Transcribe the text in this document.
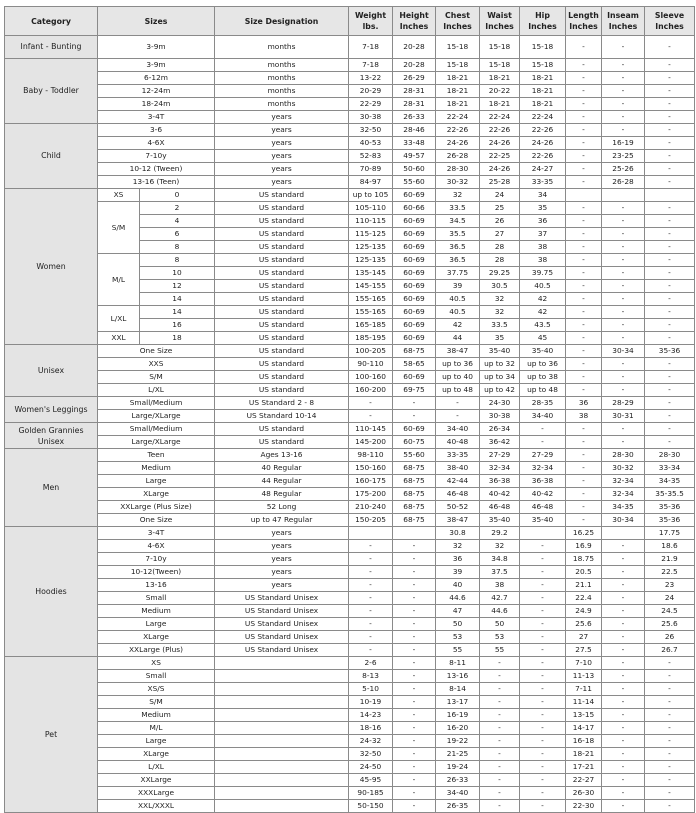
Category	Sizes		Size Designation	Weight lbs.	Height Inches	Chest Inches	Waist Inches	Hip Inches	Length Inches	Inseam Inches	Sleeve Inches
Infant - Bunting	3-9m		months	7-18	20-28	15-18	15-18	15-18	-	-	-
Baby - Toddler	3-9m		months	7-18	20-28	15-18	15-18	15-18	-	-	-
	6-12m		months	13-22	26-29	18-21	18-21	18-21	-	-	-
	12-24m		months	20-29	28-31	18-21	20-22	18-21	-	-	-
	18-24m		months	22-29	28-31	18-21	18-21	18-21	-	-	-
	3-4T		years	30-38	26-33	22-24	22-24	22-24	-	-	-
Child	3-6		years	32-50	28-46	22-26	22-26	22-26	-	-	-
	4-6X		years	40-53	33-48	24-26	24-26	24-26	-	16-19	-
	7-10y		years	52-83	49-57	26-28	22-25	22-26	-	23-25	-
	10-12 (Tween)		years	70-89	50-60	28-30	24-26	24-27	-	25-26	-
	13-16 (Teen)		years	84-97	55-60	30-32	25-28	33-35	-	26-28	-
Women	XS	0	US standard	up to 105	60-69	32	24	34			
	S/M	2	US standard	105-110	60-66	33.5	25	35	-	-	-
		4	US standard	110-115	60-69	34.5	26	36	-	-	-
		6	US standard	115-125	60-69	35.5	27	37	-	-	-
		8	US standard	125-135	60-69	36.5	28	38	-	-	-
	M/L	8	US standard	125-135	60-69	36.5	28	38	-	-	-
		10	US standard	135-145	60-69	37.75	29.25	39.75	-	-	-
		12	US standard	145-155	60-69	39	30.5	40.5	-	-	-
		14	US standard	155-165	60-69	40.5	32	42	-	-	-
	L/XL	14	US standard	155-165	60-69	40.5	32	42	-	-	-
		16	US standard	165-185	60-69	42	33.5	43.5	-	-	-
	XXL	18	US standard	185-195	60-69	44	35	45	-	-	-
Unisex	One Size		US standard	100-205	68-75	38-47	35-40	35-40	-	30-34	35-36
	XXS		US standard	90-110	58-65	up to 36	up to 32	up to 36	-	-	-
	S/M		US standard	100-160	60-69	up to 40	up to 34	up to 38	-	-	-
	L/XL		US standard	160-200	69-75	up to 48	up to 42	up to 48	-	-	-
Women's Leggings	Small/Medium		US Standard 2 - 8	-	-	-	24-30	28-35	36	28-29	-
	Large/XLarge		US Standard 10-14	-	-	-	30-38	34-40	38	30-31	-
Golden Grannies Unisex	Small/Medium		US standard	110-145	60-69	34-40	26-34	-	-	-	-
	Large/XLarge		US standard	145-200	60-75	40-48	36-42	-	-	-	-
Men	Teen		Ages 13-16	98-110	55-60	33-35	27-29	27-29	-	28-30	28-30
	Medium		40 Regular	150-160	68-75	38-40	32-34	32-34	-	30-32	33-34
	Large		44 Regular	160-175	68-75	42-44	36-38	36-38	-	32-34	34-35
	XLarge		48 Regular	175-200	68-75	46-48	40-42	40-42	-	32-34	35-35.5
	XXLarge (Plus Size)		52 Long	210-240	68-75	50-52	46-48	46-48	-	34-35	35-36
	One Size		up to 47 Regular	150-205	68-75	38-47	35-40	35-40	-	30-34	35-36
Hoodies	3-4T		years			30.8	29.2		16.25		17.75
	4-6X		years	-	-	32	32	-	16.9	-	18.6
	7-10y		years	-	-	36	34.8	-	18.75	-	21.9
	10-12(Tween)		years	-	-	39	37.5	-	20.5	-	22.5
	13-16		years	-	-	40	38	-	21.1	-	23
	Small		US Standard Unisex	-	-	44.6	42.7	-	22.4	-	24
	Medium		US Standard Unisex	-	-	47	44.6	-	24.9	-	24.5
	Large		US Standard Unisex	-	-	50	50	-	25.6	-	25.6
	XLarge		US Standard Unisex	-	-	53	53	-	27	-	26
	XXLarge (Plus)		US Standard Unisex	-	-	55	55	-	27.5	-	26.7
Pet	XS			2-6	-	8-11	-	-	7-10	-	-
	Small			8-13	-	13-16	-	-	11-13	-	-
	XS/S			5-10	-	8-14	-	-	7-11	-	-
	S/M			10-19	-	13-17	-	-	11-14	-	-
	Medium			14-23	-	16-19	-	-	13-15	-	-
	M/L			18-16	-	16-20	-	-	14-17	-	-
	Large			24-32	-	19-22	-	-	16-18	-	-
	XLarge			32-50	-	21-25	-	-	18-21	-	-
	L/XL			24-50	-	19-24	-	-	17-21	-	-
	XXLarge			45-95	-	26-33	-	-	22-27	-	-
	XXXLarge			90-185	-	34-40	-	-	26-30	-	-
	XXL/XXXL			50-150	-	26-35	-	-	22-30	-	-
